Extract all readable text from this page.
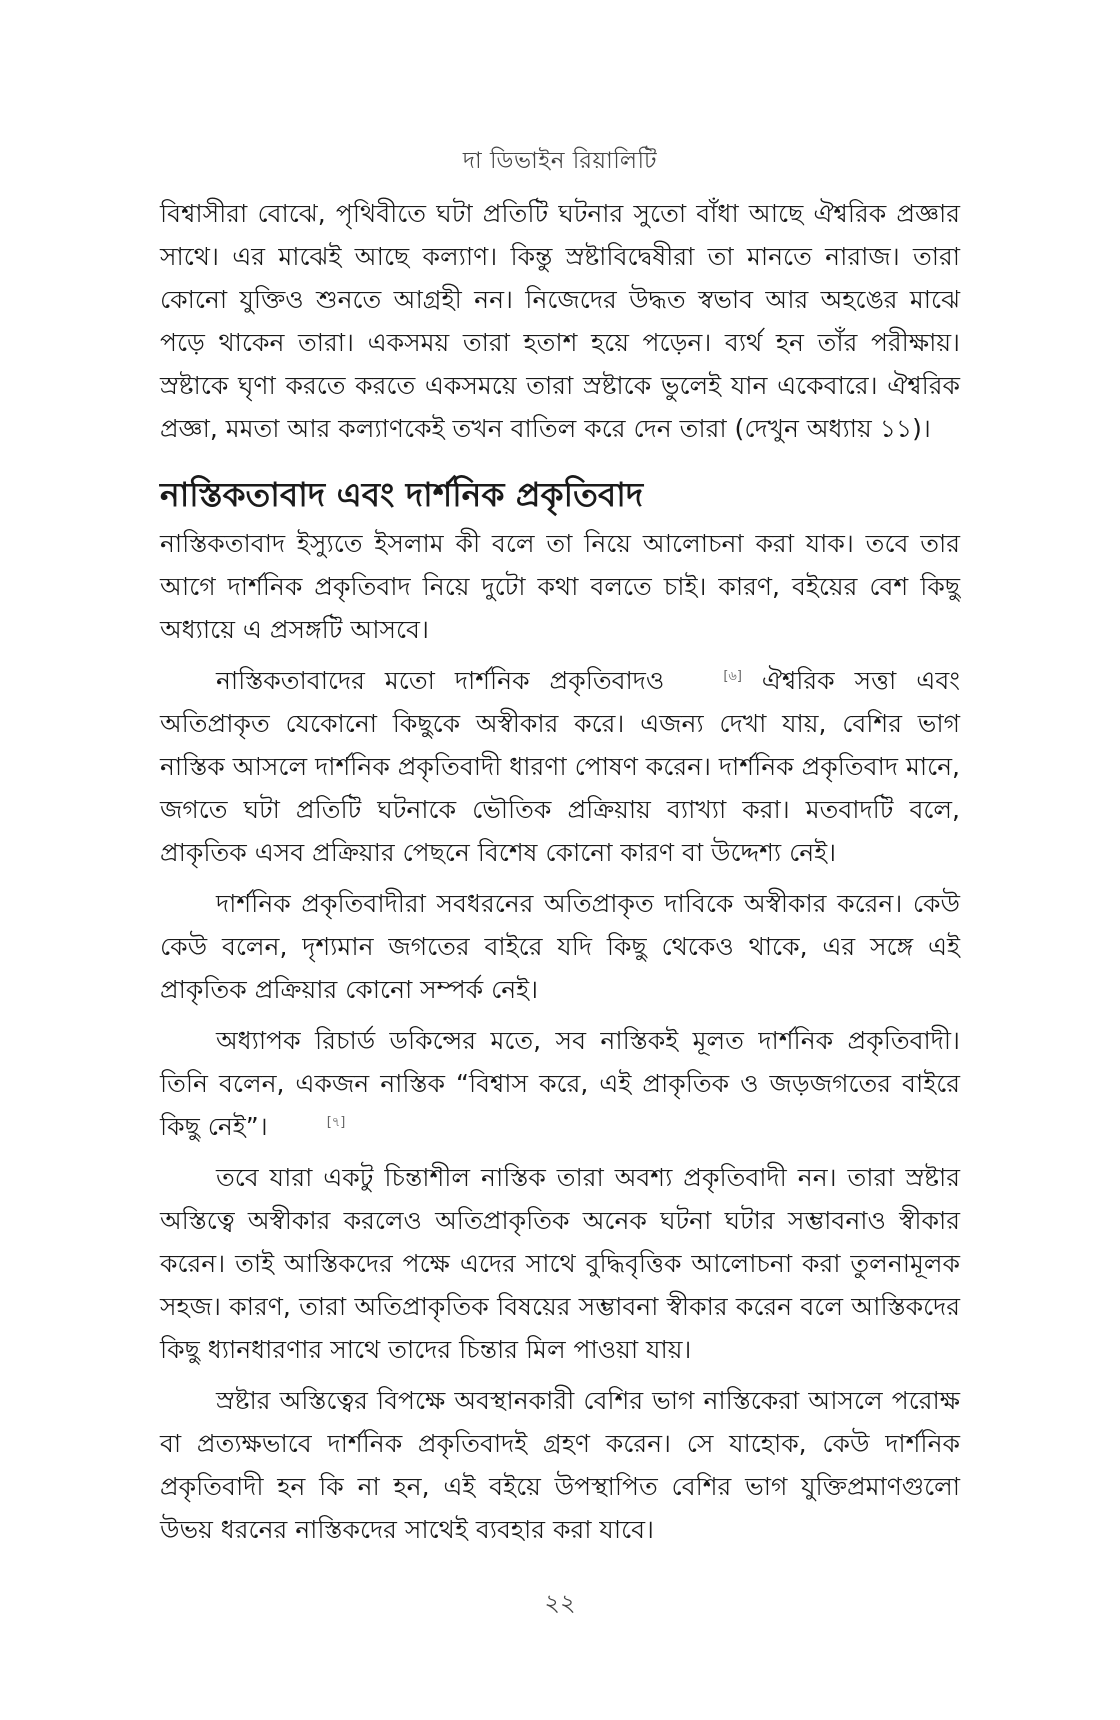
দা ডিভাইন রিয়ালিটি

বিশ্বাসীরা বোঝে, পৃথিবীতে ঘটা প্রতিটি ঘটনার সুতো বাঁধা আছে ঐশ্বরিক প্রজ্ঞার সাথে। এর মাঝেই আছে কল্যাণ। কিন্তু স্রষ্টাবিদ্বেষীরা তা মানতে নারাজ। তারা কোনো যুক্তিও শুনতে আগ্রহী নন। নিজেদের উদ্ধত স্বভাব আর অহঙের মাঝে পড়ে থাকেন তারা। একসময় তারা হতাশ হয়ে পড়েন। ব্যর্থ হন তাঁর পরীক্ষায়। স্রষ্টাকে ঘৃণা করতে করতে একসময়ে তারা স্রষ্টাকে ভুলেই যান একেবারে। ঐশ্বরিক প্রজ্ঞা, মমতা আর কল্যাণকেই তখন বাতিল করে দেন তারা (দেখুন অধ্যায় ১১)।

নাস্তিকতাবাদ এবং দার্শনিক প্রকৃতিবাদ

নাস্তিকতাবাদ ইস্যুতে ইসলাম কী বলে তা নিয়ে আলোচনা করা যাক। তবে তার আগে দার্শনিক প্রকৃতিবাদ নিয়ে দুটো কথা বলতে চাই। কারণ, বইয়ের বেশ কিছু অধ্যায়ে এ প্রসঙ্গটি আসবে।

নাস্তিকতাবাদের মতো দার্শনিক প্রকৃতিবাদও	[৬] ঐশ্বরিক সত্তা এবং অতিপ্রাকৃত যেকোনো কিছুকে অস্বীকার করে। এজন্য দেখা যায়, বেশির ভাগ নাস্তিক আসলে দার্শনিক প্রকৃতিবাদী ধারণা পোষণ করেন। দার্শনিক প্রকৃতিবাদ মানে, জগতে ঘটা প্রতিটি ঘটনাকে ভৌতিক প্রক্রিয়ায় ব্যাখ্যা করা। মতবাদটি বলে, প্রাকৃতিক এসব প্রক্রিয়ার পেছনে বিশেষ কোনো কারণ বা উদ্দেশ্য নেই।

দার্শনিক প্রকৃতিবাদীরা সবধরনের অতিপ্রাকৃত দাবিকে অস্বীকার করেন। কেউ কেউ বলেন, দৃশ্যমান জগতের বাইরে যদি কিছু থেকেও থাকে, এর সঙ্গে এই প্রাকৃতিক প্রক্রিয়ার কোনো সম্পর্ক নেই।

অধ্যাপক রিচার্ড ডকিন্সের মতে, সব নাস্তিকই মূলত দার্শনিক প্রকৃতিবাদী। তিনি বলেন, একজন নাস্তিক “বিশ্বাস করে, এই প্রাকৃতিক ও জড়জগতের বাইরে কিছু নেই”।	[৭]

তবে যারা একটু চিন্তাশীল নাস্তিক তারা অবশ্য প্রকৃতিবাদী নন। তারা স্রষ্টার অস্তিত্বে অস্বীকার করলেও অতিপ্রাকৃতিক অনেক ঘটনা ঘটার সম্ভাবনাও স্বীকার করেন। তাই আস্তিকদের পক্ষে এদের সাথে বুদ্ধিবৃত্তিক আলোচনা করা তুলনামূলক সহজ। কারণ, তারা অতিপ্রাকৃতিক বিষয়ের সম্ভাবনা স্বীকার করেন বলে আস্তিকদের কিছু ধ্যানধারণার সাথে তাদের চিন্তার মিল পাওয়া যায়।

স্রষ্টার অস্তিত্বের বিপক্ষে অবস্থানকারী বেশির ভাগ নাস্তিকেরা আসলে পরোক্ষ বা প্রত্যক্ষভাবে দার্শনিক প্রকৃতিবাদই গ্রহণ করেন। সে যাহোক, কেউ দার্শনিক প্রকৃতিবাদী হন কি না হন, এই বইয়ে উপস্থাপিত বেশির ভাগ যুক্তিপ্রমাণগুলো উভয় ধরনের নাস্তিকদের সাথেই ব্যবহার করা যাবে।

২২
